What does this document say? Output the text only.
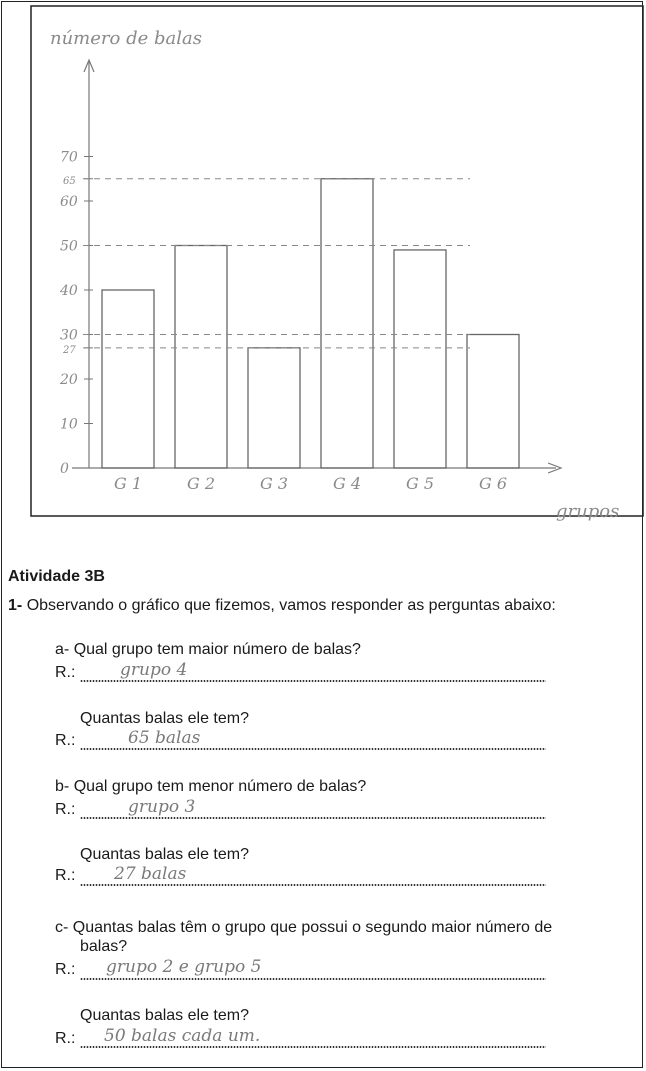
número de balas
grupos
0
10
20
27
30
40
50
60
65
70
G 1	G 2	G 3	G 4	G 5	G 6
Atividade 3B
1- Observando o gráfico que fizemos, vamos responder as perguntas abaixo:
a- Qual grupo tem maior número de balas?
R.:	grupo 4
Quantas balas ele tem?
R.:	65 balas
b- Qual grupo tem menor número de balas?
R.:	grupo 3
Quantas balas ele tem?
R.: 27 balas
c- Quantas balas têm o grupo que possui o segundo maior número de
balas?
R.: grupo 2 e grupo 5
Quantas balas ele tem?
R.: 50 balas cada um.
